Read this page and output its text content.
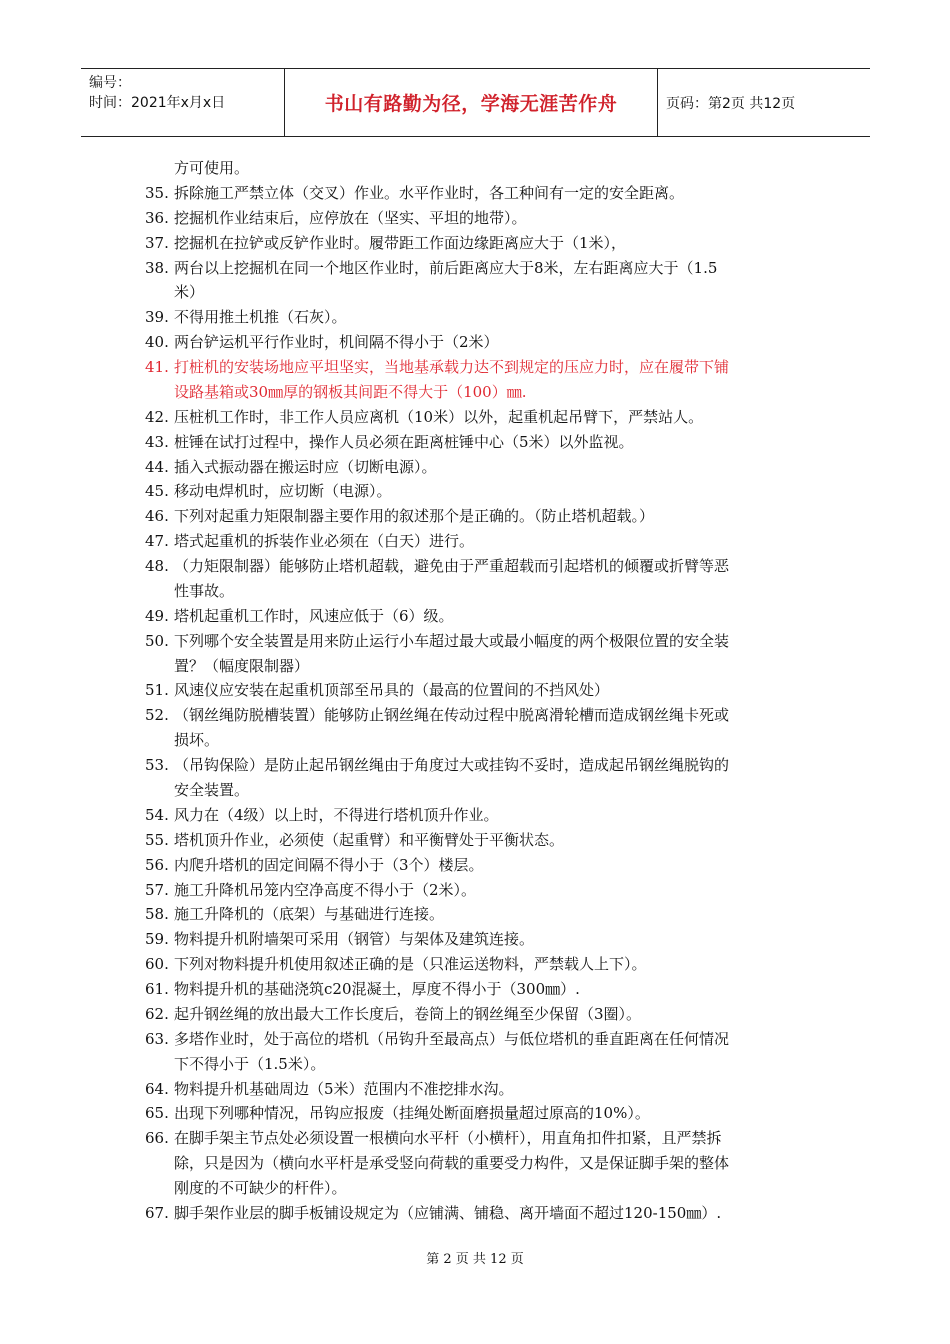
编号：
时间：2021年x月x日	书山有路勤为径，学海无涯苦作舟	页码：第2页 共12页
方可使用。
35. 拆除施工严禁立体（交叉）作业。水平作业时，各工种间有一定的安全距离。
36. 挖掘机作业结束后，应停放在（坚实、平坦的地带）。
37. 挖掘机在拉铲或反铲作业时。履带距工作面边缘距离应大于（1米），
38. 两台以上挖掘机在同一个地区作业时，前后距离应大于8米，左右距离应大于（1.5
米）
39. 不得用推土机推（石灰）。
40. 两台铲运机平行作业时，机间隔不得小于（2米）
41. 打桩机的安装场地应平坦坚实，当地基承载力达不到规定的压应力时，应在履带下铺
设路基箱或30㎜厚的钢板其间距不得大于（100）㎜.
42. 压桩机工作时，非工作人员应离机（10米）以外，起重机起吊臂下，严禁站人。
43. 桩锤在试打过程中，操作人员必须在距离桩锤中心（5米）以外监视。
44. 插入式振动器在搬运时应（切断电源）。
45. 移动电焊机时，应切断（电源）。
46. 下列对起重力矩限制器主要作用的叙述那个是正确的。（防止塔机超载。）
47. 塔式起重机的拆装作业必须在（白天）进行。
48. （力矩限制器）能够防止塔机超载，避免由于严重超载而引起塔机的倾覆或折臂等恶
性事故。
49. 塔机起重机工作时，风速应低于（6）级。
50. 下列哪个安全装置是用来防止运行小车超过最大或最小幅度的两个极限位置的安全装
置？（幅度限制器）
51. 风速仪应安装在起重机顶部至吊具的（最高的位置间的不挡风处）
52. （钢丝绳防脱槽装置）能够防止钢丝绳在传动过程中脱离滑轮槽而造成钢丝绳卡死或
损坏。
53. （吊钩保险）是防止起吊钢丝绳由于角度过大或挂钩不妥时，造成起吊钢丝绳脱钩的
安全装置。
54. 风力在（4级）以上时，不得进行塔机顶升作业。
55. 塔机顶升作业，必须使（起重臂）和平衡臂处于平衡状态。
56. 内爬升塔机的固定间隔不得小于（3个）楼层。
57. 施工升降机吊笼内空净高度不得小于（2米）。
58. 施工升降机的（底架）与基础进行连接。
59. 物料提升机附墙架可采用（钢管）与架体及建筑连接。
60. 下列对物料提升机使用叙述正确的是（只准运送物料，严禁载人上下）。
61. 物料提升机的基础浇筑c20混凝土，厚度不得小于（300㎜）.
62. 起升钢丝绳的放出最大工作长度后，卷筒上的钢丝绳至少保留（3圈）。
63. 多塔作业时，处于高位的塔机（吊钩升至最高点）与低位塔机的垂直距离在任何情况
下不得小于（1.5米）。
64. 物料提升机基础周边（5米）范围内不准挖排水沟。
65. 出现下列哪种情况，吊钩应报废（挂绳处断面磨损量超过原高的10%）。
66. 在脚手架主节点处必须设置一根横向水平杆（小横杆），用直角扣件扣紧，且严禁拆
除，只是因为（横向水平杆是承受竖向荷载的重要受力构件，又是保证脚手架的整体
刚度的不可缺少的杆件）。
67. 脚手架作业层的脚手板铺设规定为（应铺满、铺稳、离开墙面不超过120-150㎜）.
第 2 页 共 12 页
